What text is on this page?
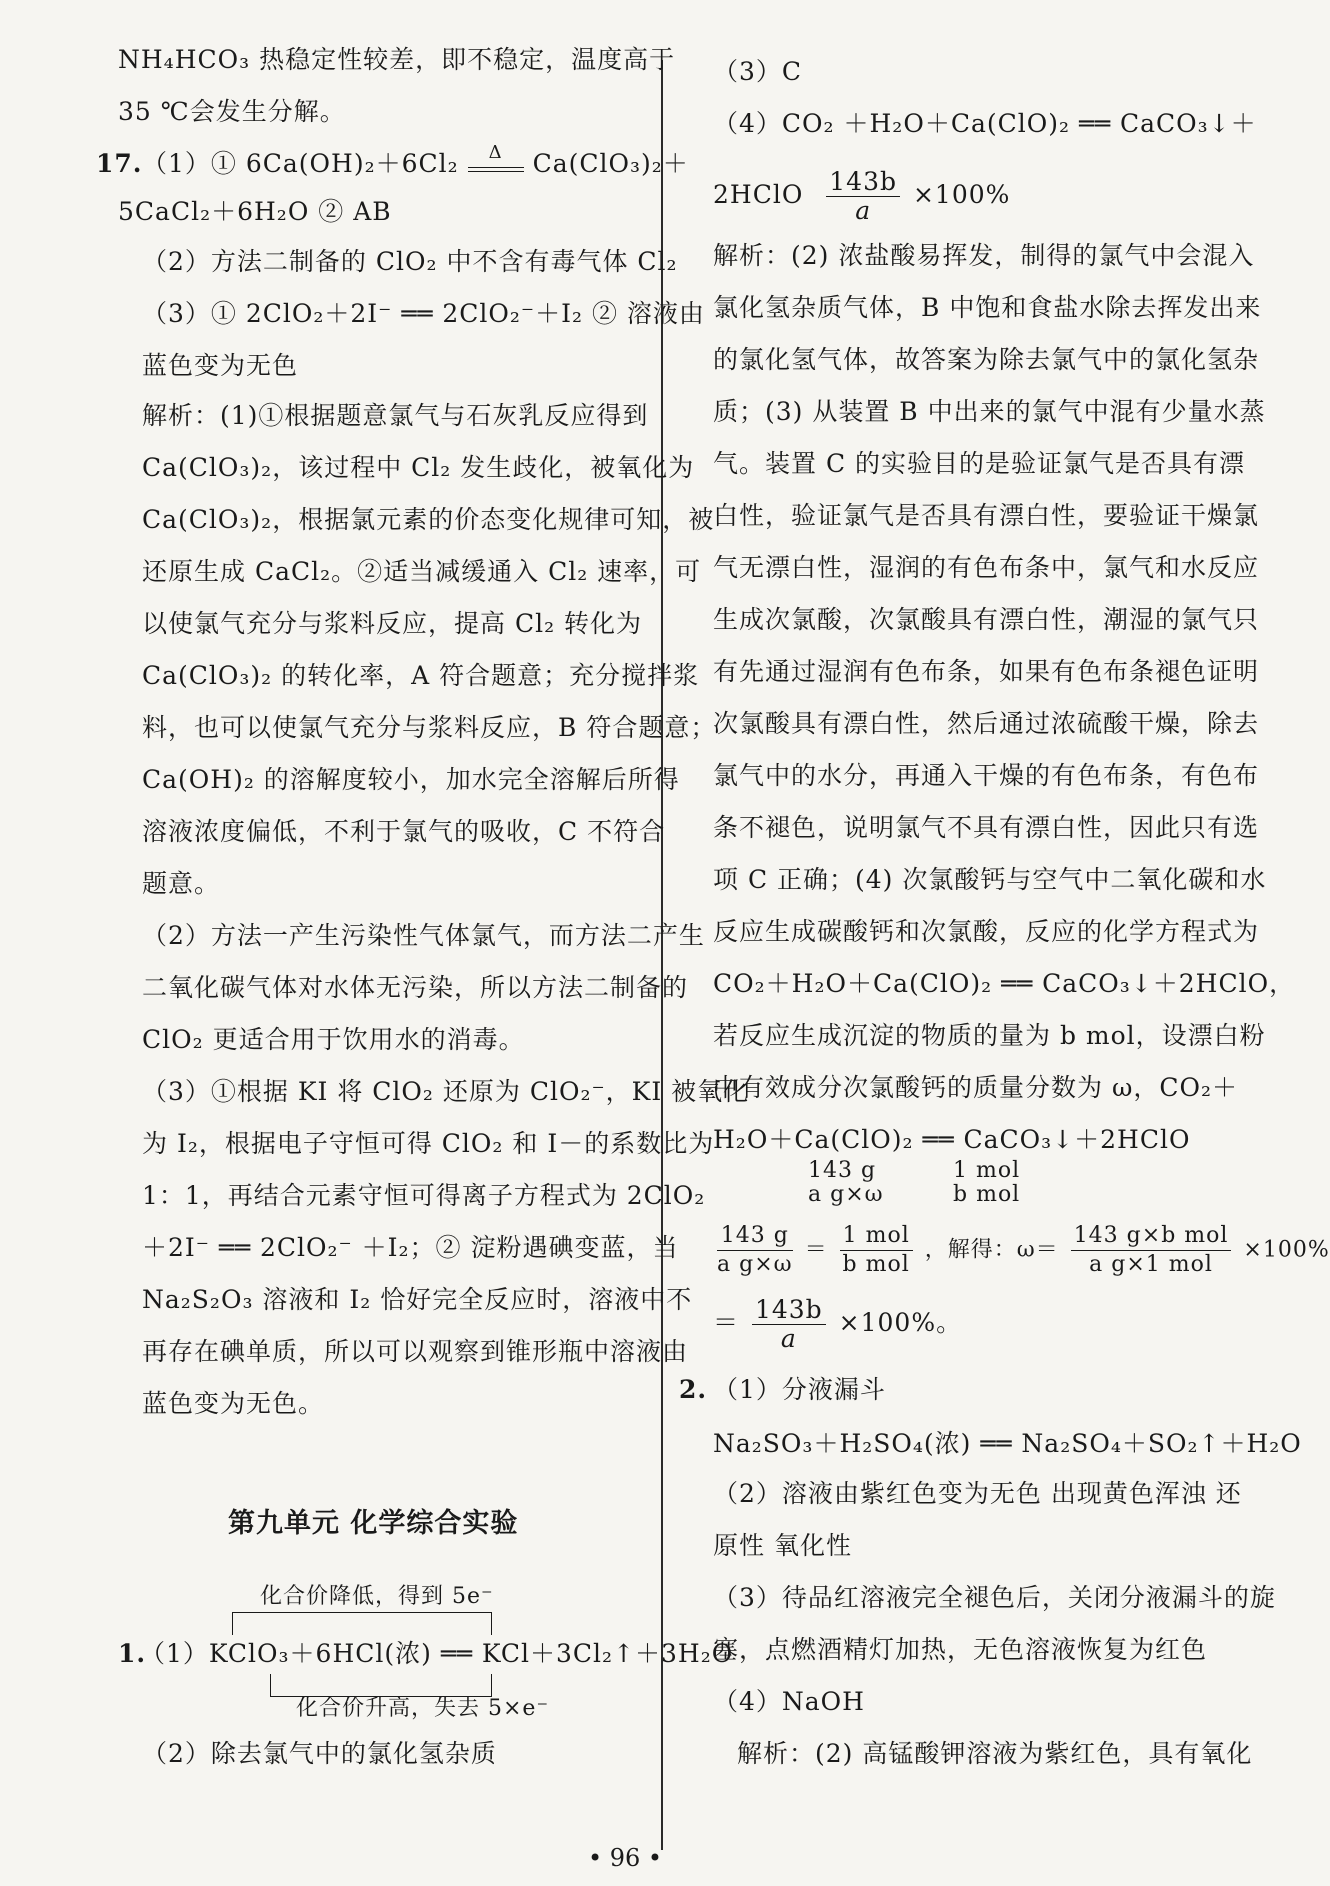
NH₄HCO₃ 热稳定性较差，即不稳定，温度高于
35 ℃会发生分解。
17. （1）① 6Ca(OH)₂＋6Cl₂	Δ	Ca(ClO₃)₂＋
5CaCl₂＋6H₂O ② AB
（2）方法二制备的 ClO₂ 中不含有毒气体 Cl₂
（3）① 2ClO₂＋2I⁻ ══ 2ClO₂⁻＋I₂ ② 溶液由
蓝色变为无色
解析：(1)①根据题意氯气与石灰乳反应得到
Ca(ClO₃)₂，该过程中 Cl₂ 发生歧化，被氧化为
Ca(ClO₃)₂，根据氯元素的价态变化规律可知，被
还原生成 CaCl₂。②适当减缓通入 Cl₂ 速率，可
以使氯气充分与浆料反应，提高 Cl₂ 转化为
Ca(ClO₃)₂ 的转化率，A 符合题意；充分搅拌浆
料，也可以使氯气充分与浆料反应，B 符合题意；
Ca(OH)₂ 的溶解度较小，加水完全溶解后所得
溶液浓度偏低，不利于氯气的吸收，C 不符合
题意。
（2）方法一产生污染性气体氯气，而方法二产生
二氧化碳气体对水体无污染，所以方法二制备的
ClO₂ 更适合用于饮用水的消毒。
（3）①根据 KI 将 ClO₂ 还原为 ClO₂⁻，KI 被氧化
为 I₂，根据电子守恒可得 ClO₂ 和 I－的系数比为
1：1，再结合元素守恒可得离子方程式为 2ClO₂
＋2I⁻ ══ 2ClO₂⁻ ＋I₂；② 淀粉遇碘变蓝，当
Na₂S₂O₃ 溶液和 I₂ 恰好完全反应时，溶液中不
再存在碘单质，所以可以观察到锥形瓶中溶液由
蓝色变为无色。
第九单元 化学综合实验
化合价降低，得到 5e⁻
1.
（1）KClO₃＋6HCl(浓) ══ KCl＋3Cl₂↑＋3H₂O
化合价升高，失去 5×e⁻
（2）除去氯气中的氯化氢杂质
（3）C
（4）CO₂ ＋H₂O＋Ca(ClO)₂ ══ CaCO₃↓＋
2HClO $\frac{143b}{a} \times 100\%$
解析：(2) 浓盐酸易挥发，制得的氯气中会混入
氯化氢杂质气体，B 中饱和食盐水除去挥发出来
的氯化氢气体，故答案为除去氯气中的氯化氢杂
质；(3) 从装置 B 中出来的氯气中混有少量水蒸
气。装置 C 的实验目的是验证氯气是否具有漂
白性，验证氯气是否具有漂白性，要验证干燥氯
气无漂白性，湿润的有色布条中，氯气和水反应
生成次氯酸，次氯酸具有漂白性，潮湿的氯气只
有先通过湿润有色布条，如果有色布条褪色证明
次氯酸具有漂白性，然后通过浓硫酸干燥，除去
氯气中的水分，再通入干燥的有色布条，有色布
条不褪色，说明氯气不具有漂白性，因此只有选
项 C 正确；(4) 次氯酸钙与空气中二氧化碳和水
反应生成碳酸钙和次氯酸，反应的化学方程式为
CO₂＋H₂O＋Ca(ClO)₂ ══ CaCO₃↓＋2HClO，
若反应生成沉淀的物质的量为 b mol，设漂白粉
中有效成分次氯酸钙的质量分数为 ω，CO₂＋
H₂O＋Ca(ClO)₂ ══ CaCO₃↓＋2HClO
143 g	1 mol
a g×ω	b mol
$\frac{143 g}{\text{a g×ω}} = \frac{\text{1 mol}}{\text{b mol}}$ ，解得：$\omega= \frac{\text{143 g×b mol}}{\text{a g×1 mol}} \times 100\%$
＝ $\frac{143b}{a} \times 100\%$。
2. （1）分液漏斗
Na₂SO₃＋H₂SO₄(浓) ══ Na₂SO₄＋SO₂↑＋H₂O
（2）溶液由紫红色变为无色 出现黄色浑浊 还
原性 氧化性
（3）待品红溶液完全褪色后，关闭分液漏斗的旋
塞，点燃酒精灯加热，无色溶液恢复为红色
（4）NaOH
解析：(2) 高锰酸钾溶液为紫红色，具有氧化
• 96 •
